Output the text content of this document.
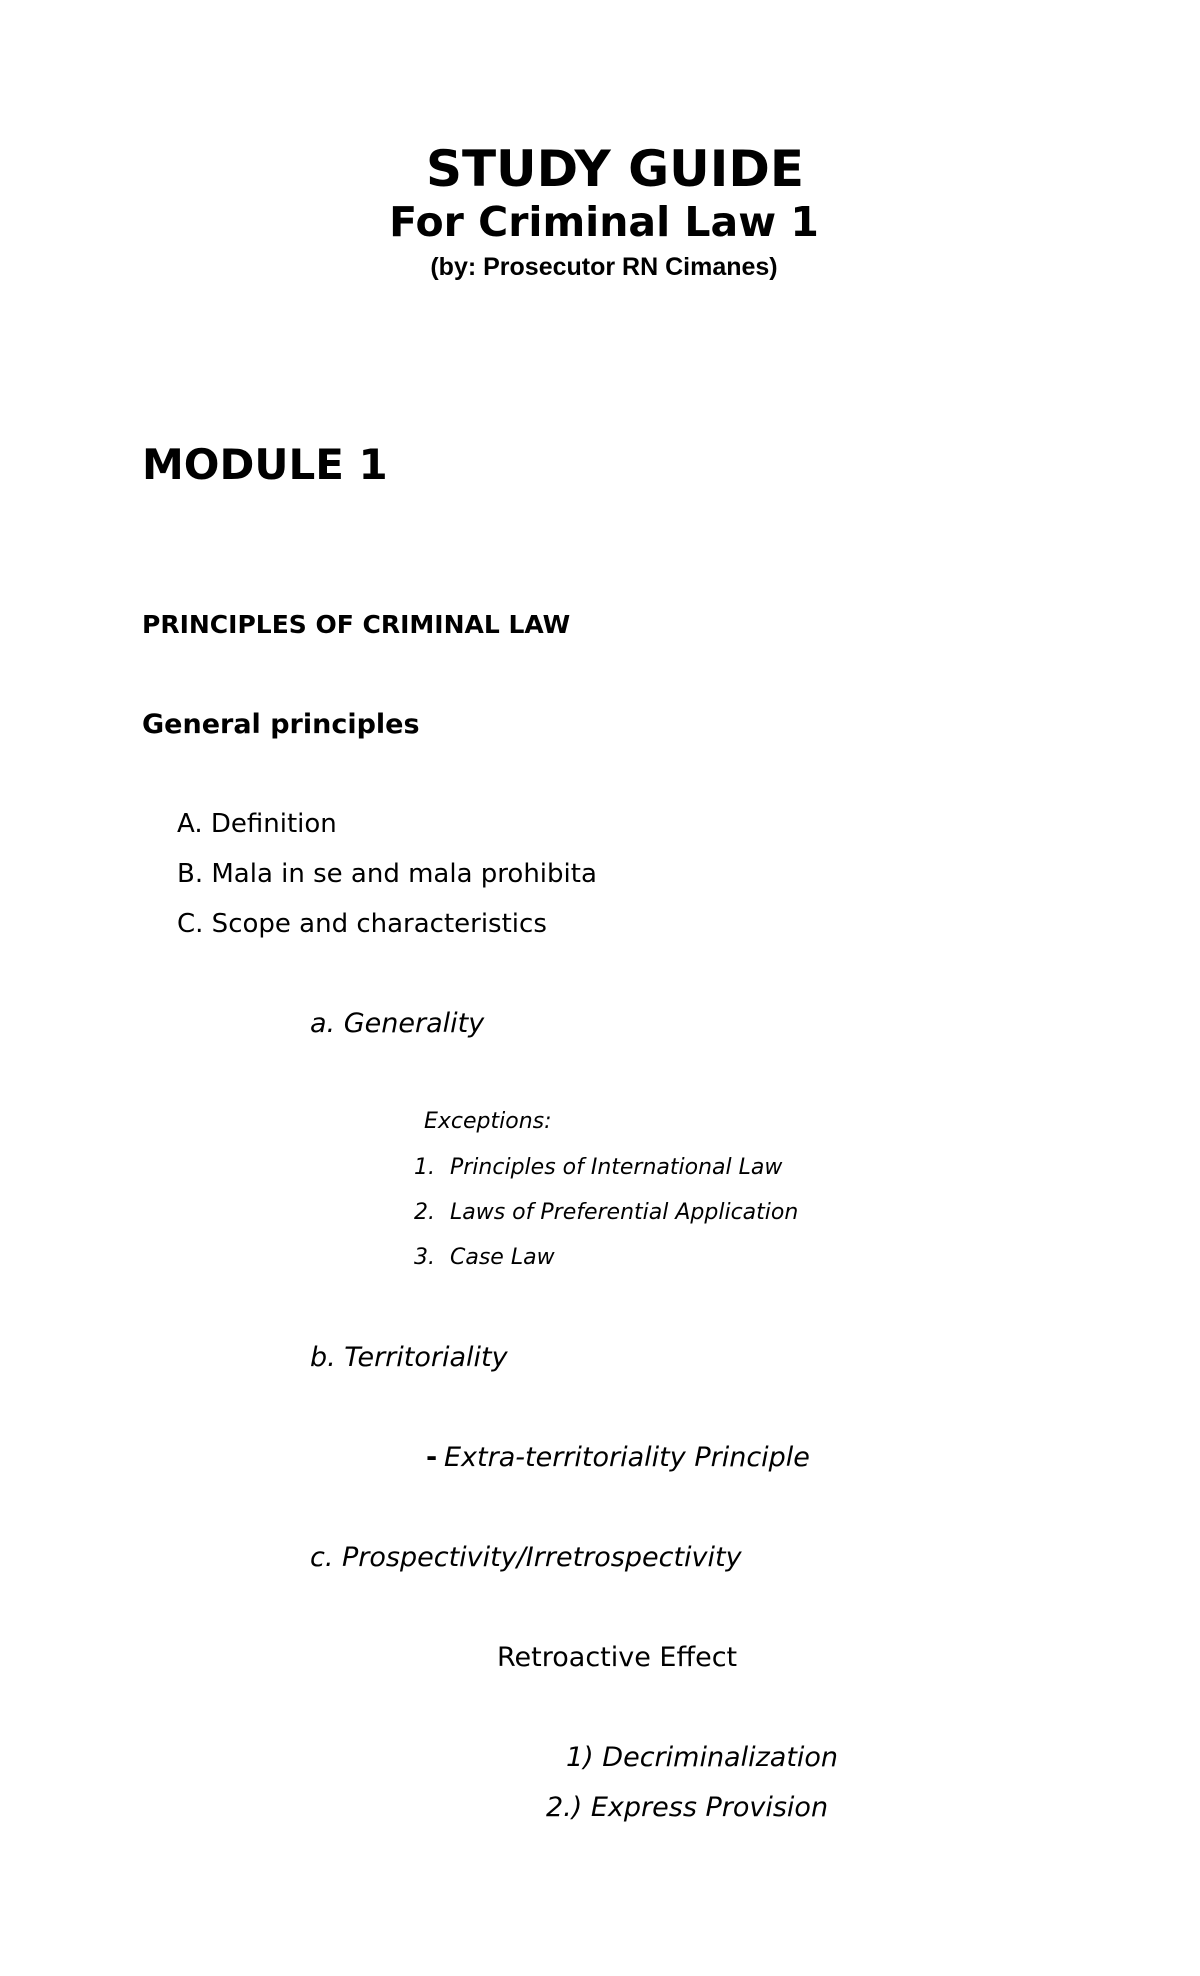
STUDY GUIDE
For Criminal Law 1
(by: Prosecutor RN Cimanes)
MODULE 1
PRINCIPLES OF CRIMINAL LAW
General principles
A. Definition
B. Mala in se and mala prohibita
C. Scope and characteristics
a. Generality
Exceptions:
1. Principles of International Law
2. Laws of Preferential Application
3. Case Law
b. Territoriality
- Extra-territoriality Principle
c. Prospectivity/Irretrospectivity
Retroactive Effect
1) Decriminalization
2.) Express Provision
